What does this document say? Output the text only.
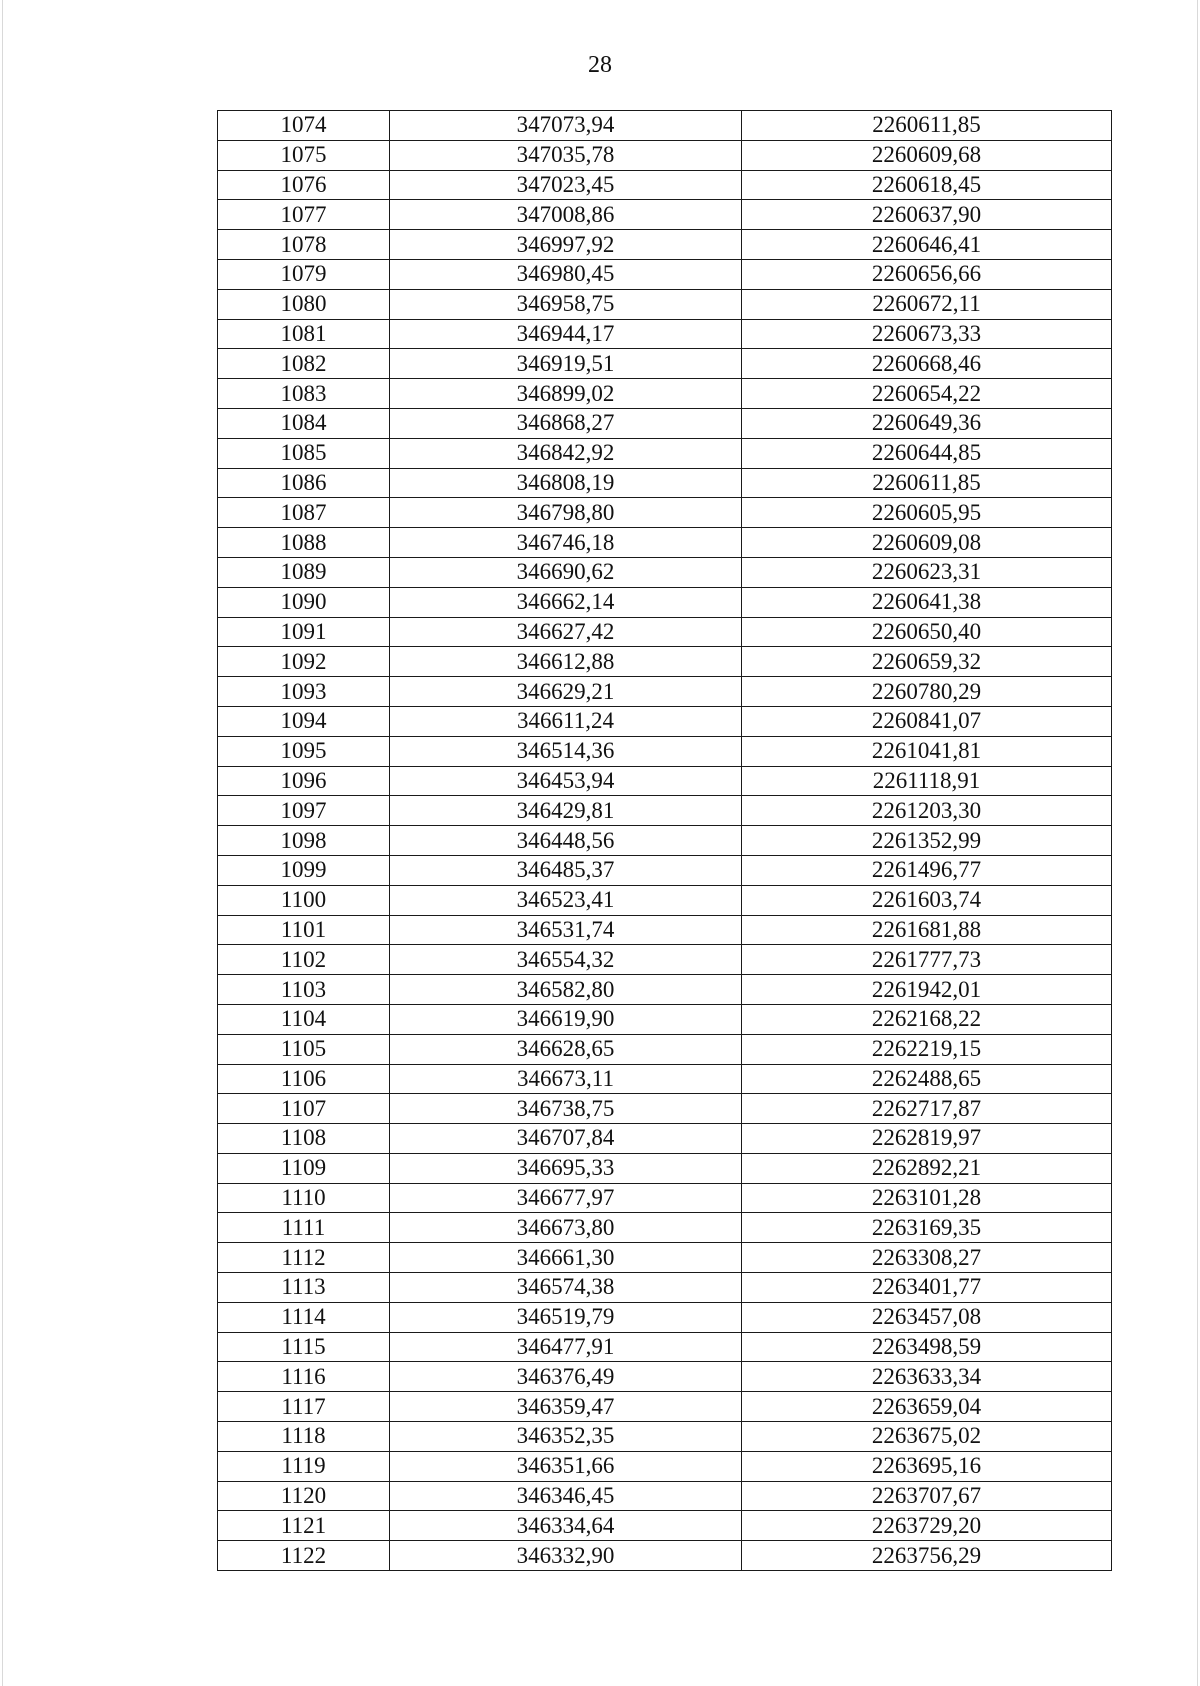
28
1074	347073,94	2260611,85
1075	347035,78	2260609,68
1076	347023,45	2260618,45
1077	347008,86	2260637,90
1078	346997,92	2260646,41
1079	346980,45	2260656,66
1080	346958,75	2260672,11
1081	346944,17	2260673,33
1082	346919,51	2260668,46
1083	346899,02	2260654,22
1084	346868,27	2260649,36
1085	346842,92	2260644,85
1086	346808,19	2260611,85
1087	346798,80	2260605,95
1088	346746,18	2260609,08
1089	346690,62	2260623,31
1090	346662,14	2260641,38
1091	346627,42	2260650,40
1092	346612,88	2260659,32
1093	346629,21	2260780,29
1094	346611,24	2260841,07
1095	346514,36	2261041,81
1096	346453,94	2261118,91
1097	346429,81	2261203,30
1098	346448,56	2261352,99
1099	346485,37	2261496,77
1100	346523,41	2261603,74
1101	346531,74	2261681,88
1102	346554,32	2261777,73
1103	346582,80	2261942,01
1104	346619,90	2262168,22
1105	346628,65	2262219,15
1106	346673,11	2262488,65
1107	346738,75	2262717,87
1108	346707,84	2262819,97
1109	346695,33	2262892,21
1110	346677,97	2263101,28
1111	346673,80	2263169,35
1112	346661,30	2263308,27
1113	346574,38	2263401,77
1114	346519,79	2263457,08
1115	346477,91	2263498,59
1116	346376,49	2263633,34
1117	346359,47	2263659,04
1118	346352,35	2263675,02
1119	346351,66	2263695,16
1120	346346,45	2263707,67
1121	346334,64	2263729,20
1122	346332,90	2263756,29
